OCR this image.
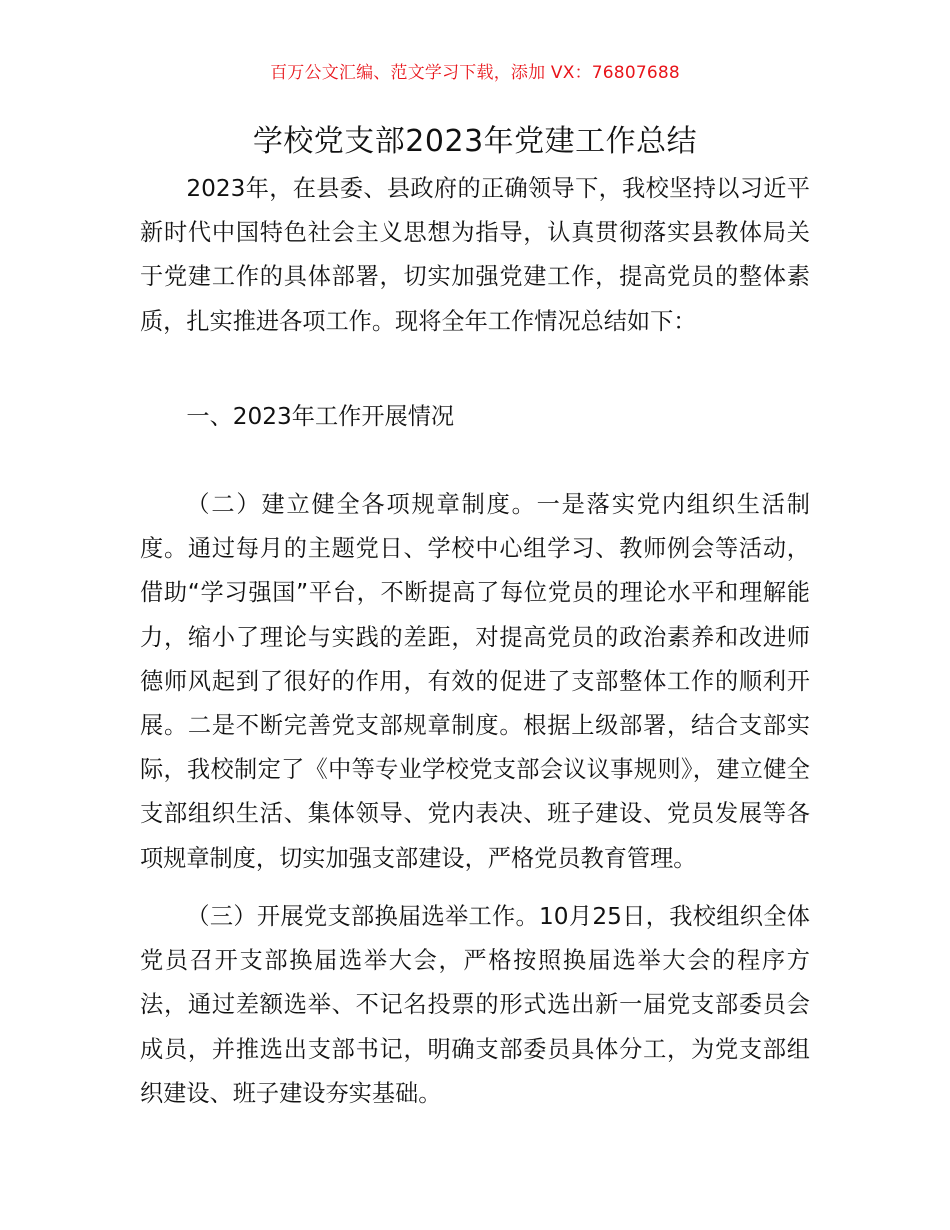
百万公文汇编、范文学习下载，添加 VX：76807688
学校党支部2023年党建工作总结

2023年，在县委、县政府的正确领导下，我校坚持以习近平新时代中国特色社会主义思想为指导，认真贯彻落实县教体局关于党建工作的具体部署，切实加强党建工作，提高党员的整体素质，扎实推进各项工作。现将全年工作情况总结如下：

一、2023年工作开展情况

（二）建立健全各项规章制度。一是落实党内组织生活制度。通过每月的主题党日、学校中心组学习、教师例会等活动，借助“学习强国”平台，不断提高了每位党员的理论水平和理解能力，缩小了理论与实践的差距，对提高党员的政治素养和改进师德师风起到了很好的作用，有效的促进了支部整体工作的顺利开展。二是不断完善党支部规章制度。根据上级部署，结合支部实际，我校制定了《中等专业学校党支部会议议事规则》，建立健全支部组织生活、集体领导、党内表决、班子建设、党员发展等各项规章制度，切实加强支部建设，严格党员教育管理。

（三）开展党支部换届选举工作。10月25日，我校组织全体党员召开支部换届选举大会，严格按照换届选举大会的程序方法，通过差额选举、不记名投票的形式选出新一届党支部委员会成员，并推选出支部书记，明确支部委员具体分工，为党支部组织建设、班子建设夯实基础。
